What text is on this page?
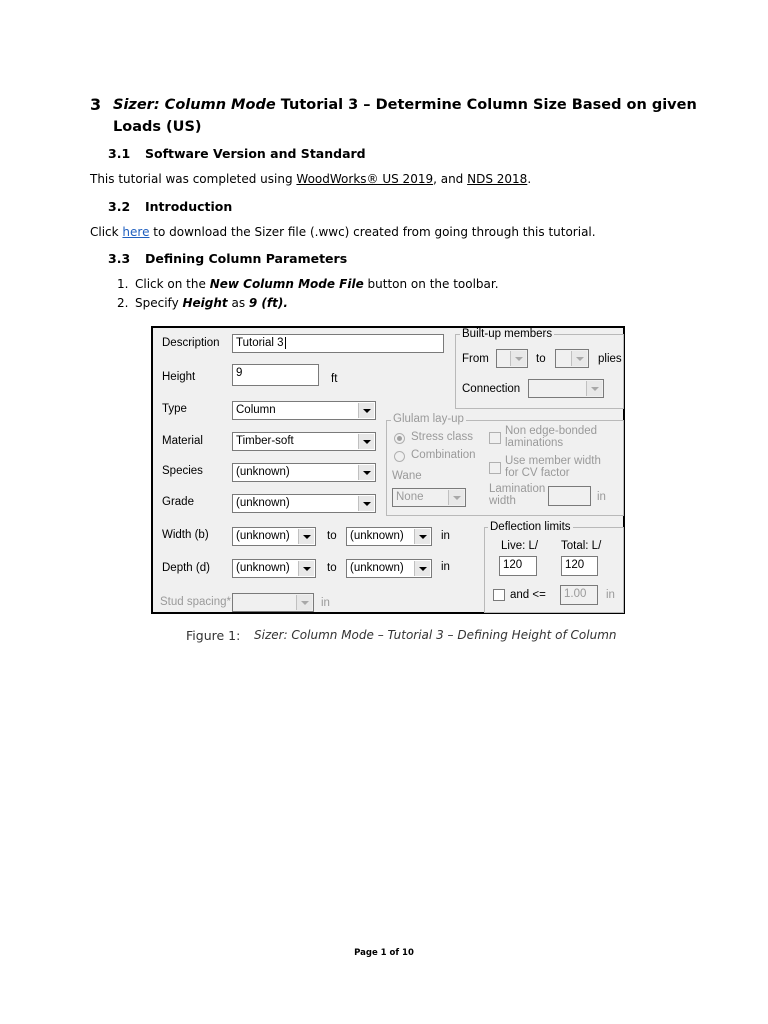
3 Sizer: Column Mode Tutorial 3 – Determine Column Size Based on given
Loads (US)
3.1 Software Version and Standard
This tutorial was completed using WoodWorks® US 2019, and NDS 2018.
3.2 Introduction
Click here to download the Sizer file (.wwc) created from going through this tutorial.
3.3 Defining Column Parameters
1. Click on the New Column Mode File button on the toolbar.
2. Specify Height as 9 (ft).
Description	Tutorial 3
Height	9	ft
Type	Column
Material	Timber-soft
Species	(unknown)
Grade	(unknown)
Width (b) (unknown)	to (unknown)	in
Depth (d) (unknown)	to (unknown)	in
Stud spacing*	in
Built-up members
From	to	plies
Connection
Glulam lay-up
Stress class
Combination
Non edge-bonded
laminations
Use member width
for CV factor
Wane
None
Lamination
width	in
Deflection limits
Live: L/ Total: L/
120	120
and <=	1.00	in
Figure 1: Sizer: Column Mode – Tutorial 3 – Defining Height of Column
Page 1 of 10
